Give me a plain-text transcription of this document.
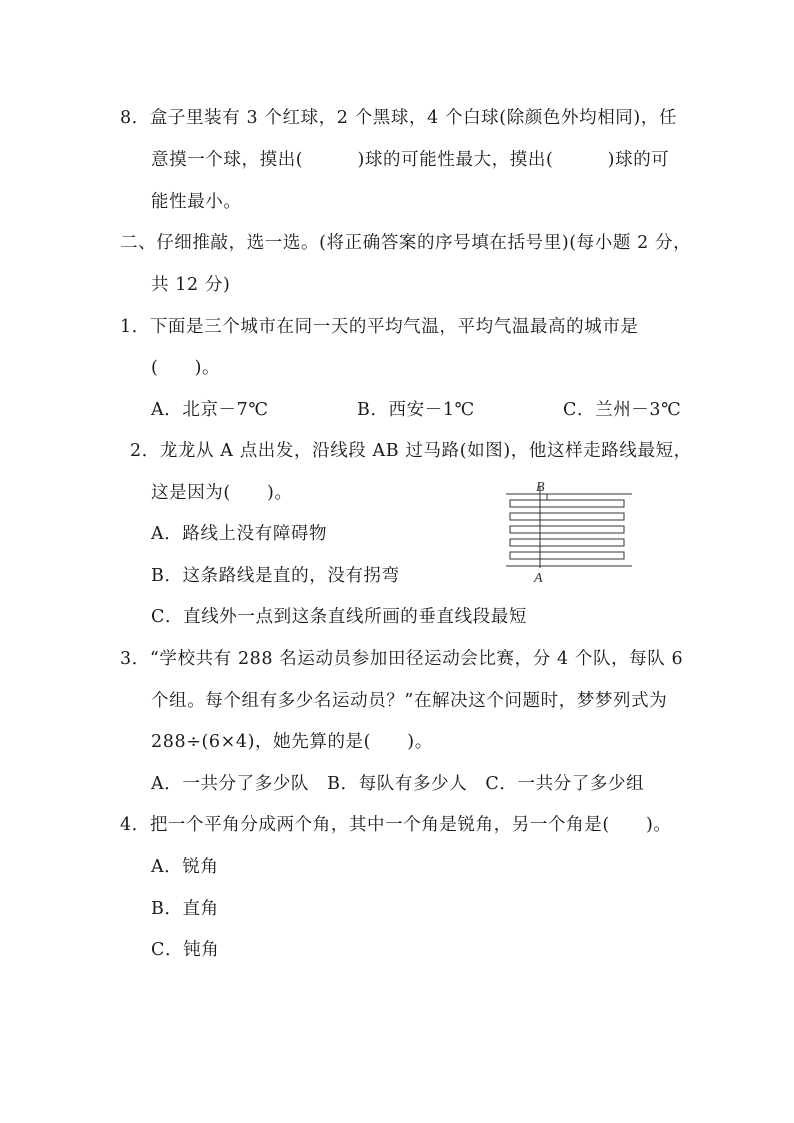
8．盒子里装有 3 个红球，2 个黑球，4 个白球(除颜色外均相同)，任
意摸一个球，摸出(　　　)球的可能性最大，摸出(　　　)球的可
能性最小。
二、仔细推敲，选一选。(将正确答案的序号填在括号里)(每小题 2 分，
共 12 分)
1．下面是三个城市在同一天的平均气温，平均气温最高的城市是
(　　)。
A．北京－7℃	B．西安－1℃	C．兰州－3℃
2．龙龙从 A 点出发，沿线段 AB 过马路(如图)，他这样走路线最短，
这是因为(　　)。
A．路线上没有障碍物
B．这条路线是直的，没有拐弯
C．直线外一点到这条直线所画的垂直线段最短
B
A
3．“学校共有 288 名运动员参加田径运动会比赛，分 4 个队，每队 6
个组。每个组有多少名运动员？”在解决这个问题时，梦梦列式为
288÷(6×4)，她先算的是(　　)。
A．一共分了多少队　B．每队有多少人　C．一共分了多少组
4．把一个平角分成两个角，其中一个角是锐角，另一个角是(　　)。
A．锐角
B．直角
C．钝角
